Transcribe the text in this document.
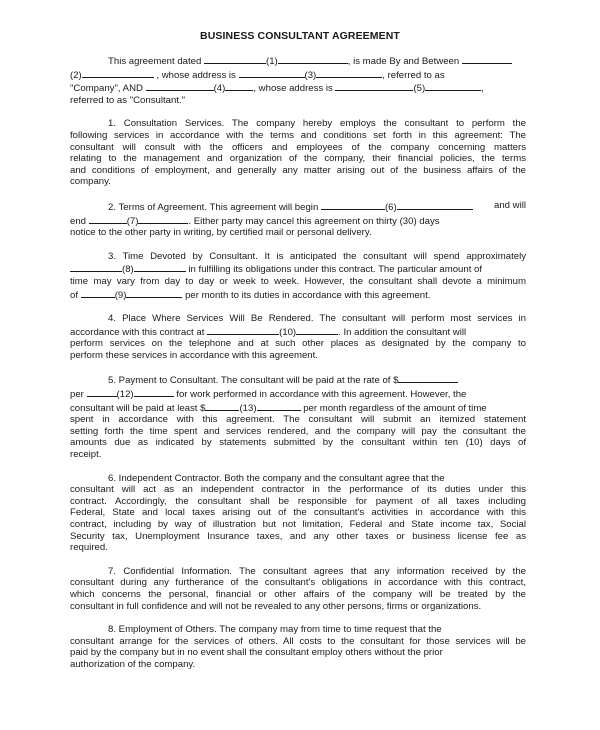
BUSINESS CONSULTANT AGREEMENT
This agreement dated	(1)	, is made By and Between
(2)	, whose address is	(3)	, referred to as
"Company", AND	(4)	, whose address is	(5)	,
referred to as "Consultant."
1. Consultation Services. The company hereby employs the consultant to perform the
following services in accordance with the terms and conditions set forth in this agreement: The
consultant will consult with the officers and employees of the company concerning matters
relating to the management and organization of the company, their financial policies, the terms
and conditions of employment, and generally any matter arising out of the business affairs of the
company.
2. Terms of Agreement. This agreement will begin	(6)	and will
end	(7)	. Either party may cancel this agreement on thirty (30) days
notice to the other party in writing, by certified mail or personal delivery.
3. Time Devoted by Consultant. It is anticipated the consultant will spend approximately
(8)	in fulfilling its obligations under this contract. The particular amount of
time may vary from day to day or week to week. However, the consultant shall devote a minimum
of	(9)	per month to its duties in accordance with this agreement.
4. Place Where Services Will Be Rendered. The consultant will perform most services in
accordance with this contract at	(10)	. In addition the consultant will
perform services on the telephone and at such other places as designated by the company to
perform these services in accordance with this agreement.
5. Payment to Consultant. The consultant will be paid at the rate of $
per	(12)	for work performed in accordance with this agreement. However, the
consultant will be paid at least $	(13)	per month regardless of the amount of time
spent in accordance with this agreement. The consultant will submit an itemized statement
setting forth the time spent and services rendered, and the company will pay the consultant the
amounts due as indicated by statements submitted by the consultant within ten (10) days of
receipt.
6. Independent Contractor. Both the company and the consultant agree that the
consultant will act as an independent contractor in the performance of its duties under this
contract. Accordingly, the consultant shall be responsible for payment of all taxes including
Federal, State and local taxes arising out of the consultant's activities in accordance with this
contract, including by way of illustration but not limitation, Federal and State income tax, Social
Security tax, Unemployment Insurance taxes, and any other taxes or business license fee as
required.
7. Confidential Information. The consultant agrees that any information received by the
consultant during any furtherance of the consultant's obligations in accordance with this contract,
which concerns the personal, financial or other affairs of the company will be treated by the
consultant in full confidence and will not be revealed to any other persons, firms or organizations.
8. Employment of Others. The company may from time to time request that the
consultant arrange for the services of others. All costs to the consultant for those services will be
paid by the company but in no event shall the consultant employ others without the prior
authorization of the company.
